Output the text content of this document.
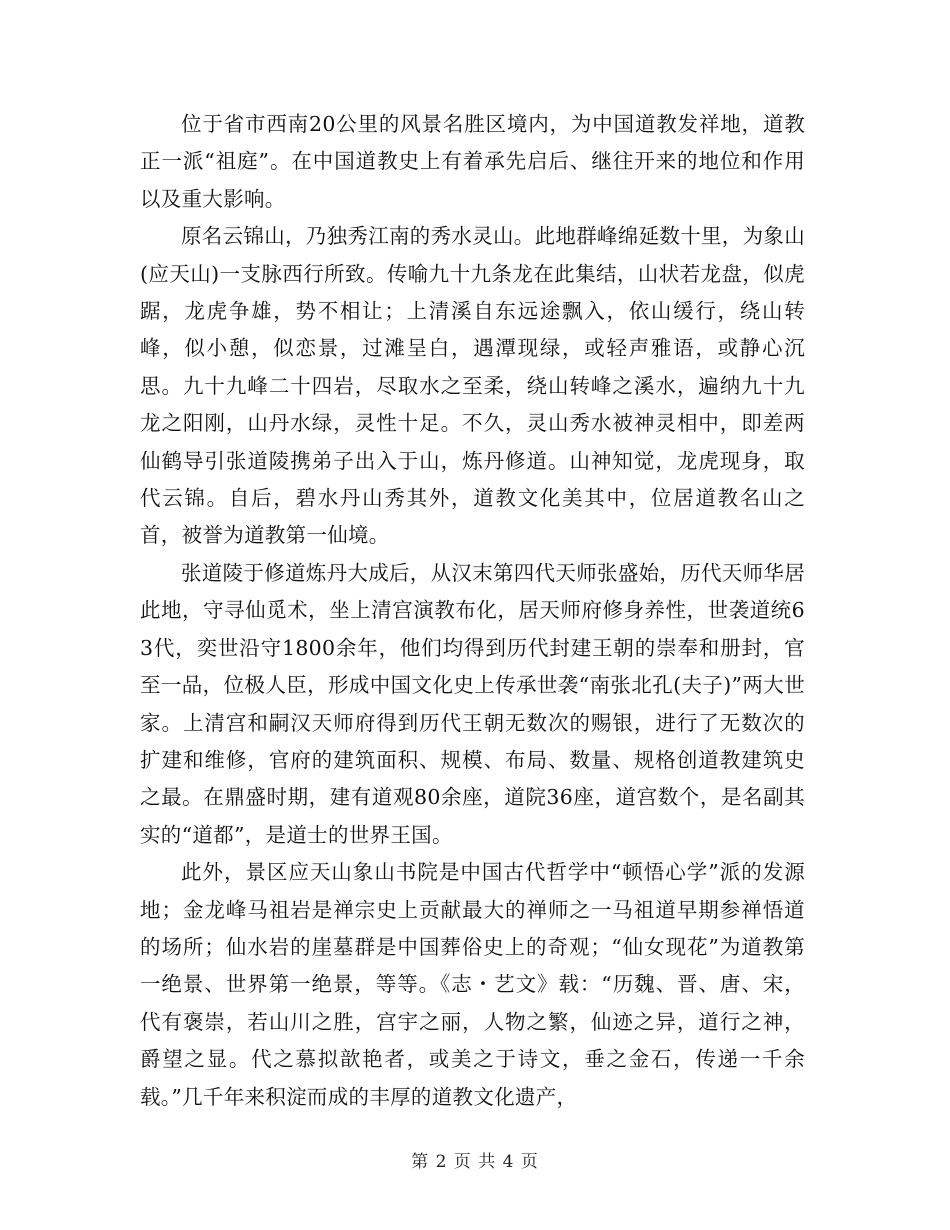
位于省市西南20公里的风景名胜区境内，为中国道教发祥地，道教正一派“祖庭”。在中国道教史上有着承先启后、继往开来的地位和作用以及重大影响。

原名云锦山，乃独秀江南的秀水灵山。此地群峰绵延数十里，为象山(应天山)一支脉西行所致。传喻九十九条龙在此集结，山状若龙盘，似虎踞，龙虎争雄，势不相让；上清溪自东远途飘入，依山缓行，绕山转峰，似小憩，似恋景，过滩呈白，遇潭现绿，或轻声雅语，或静心沉思。九十九峰二十四岩，尽取水之至柔，绕山转峰之溪水，遍纳九十九龙之阳刚，山丹水绿，灵性十足。不久，灵山秀水被神灵相中，即差两仙鹤导引张道陵携弟子出入于山，炼丹修道。山神知觉，龙虎现身，取代云锦。自后，碧水丹山秀其外，道教文化美其中，位居道教名山之首，被誉为道教第一仙境。

张道陵于修道炼丹大成后，从汉末第四代天师张盛始，历代天师华居此地，守寻仙觅术，坐上清宫演教布化，居天师府修身养性，世袭道统63代，奕世沿守1800余年，他们均得到历代封建王朝的崇奉和册封，官至一品，位极人臣，形成中国文化史上传承世袭“南张北孔(夫子)”两大世家。上清宫和嗣汉天师府得到历代王朝无数次的赐银，进行了无数次的扩建和维修，官府的建筑面积、规模、布局、数量、规格创道教建筑史之最。在鼎盛时期，建有道观80余座，道院36座，道宫数个，是名副其实的“道都”，是道士的世界王国。

此外，景区应天山象山书院是中国古代哲学中“顿悟心学”派的发源地；金龙峰马祖岩是禅宗史上贡献最大的禅师之一马祖道早期参禅悟道的场所；仙水岩的崖墓群是中国葬俗史上的奇观；“仙女现花”为道教第一绝景、世界第一绝景，等等。《志・艺文》载：“历魏、晋、唐、宋，代有褒崇，若山川之胜，宫宇之丽，人物之繁，仙迹之异，道行之神，爵望之显。代之慕拟歆艳者，或美之于诗文，垂之金石，传递一千余载。”几千年来积淀而成的丰厚的道教文化遗产，

第 2 页 共 4 页
